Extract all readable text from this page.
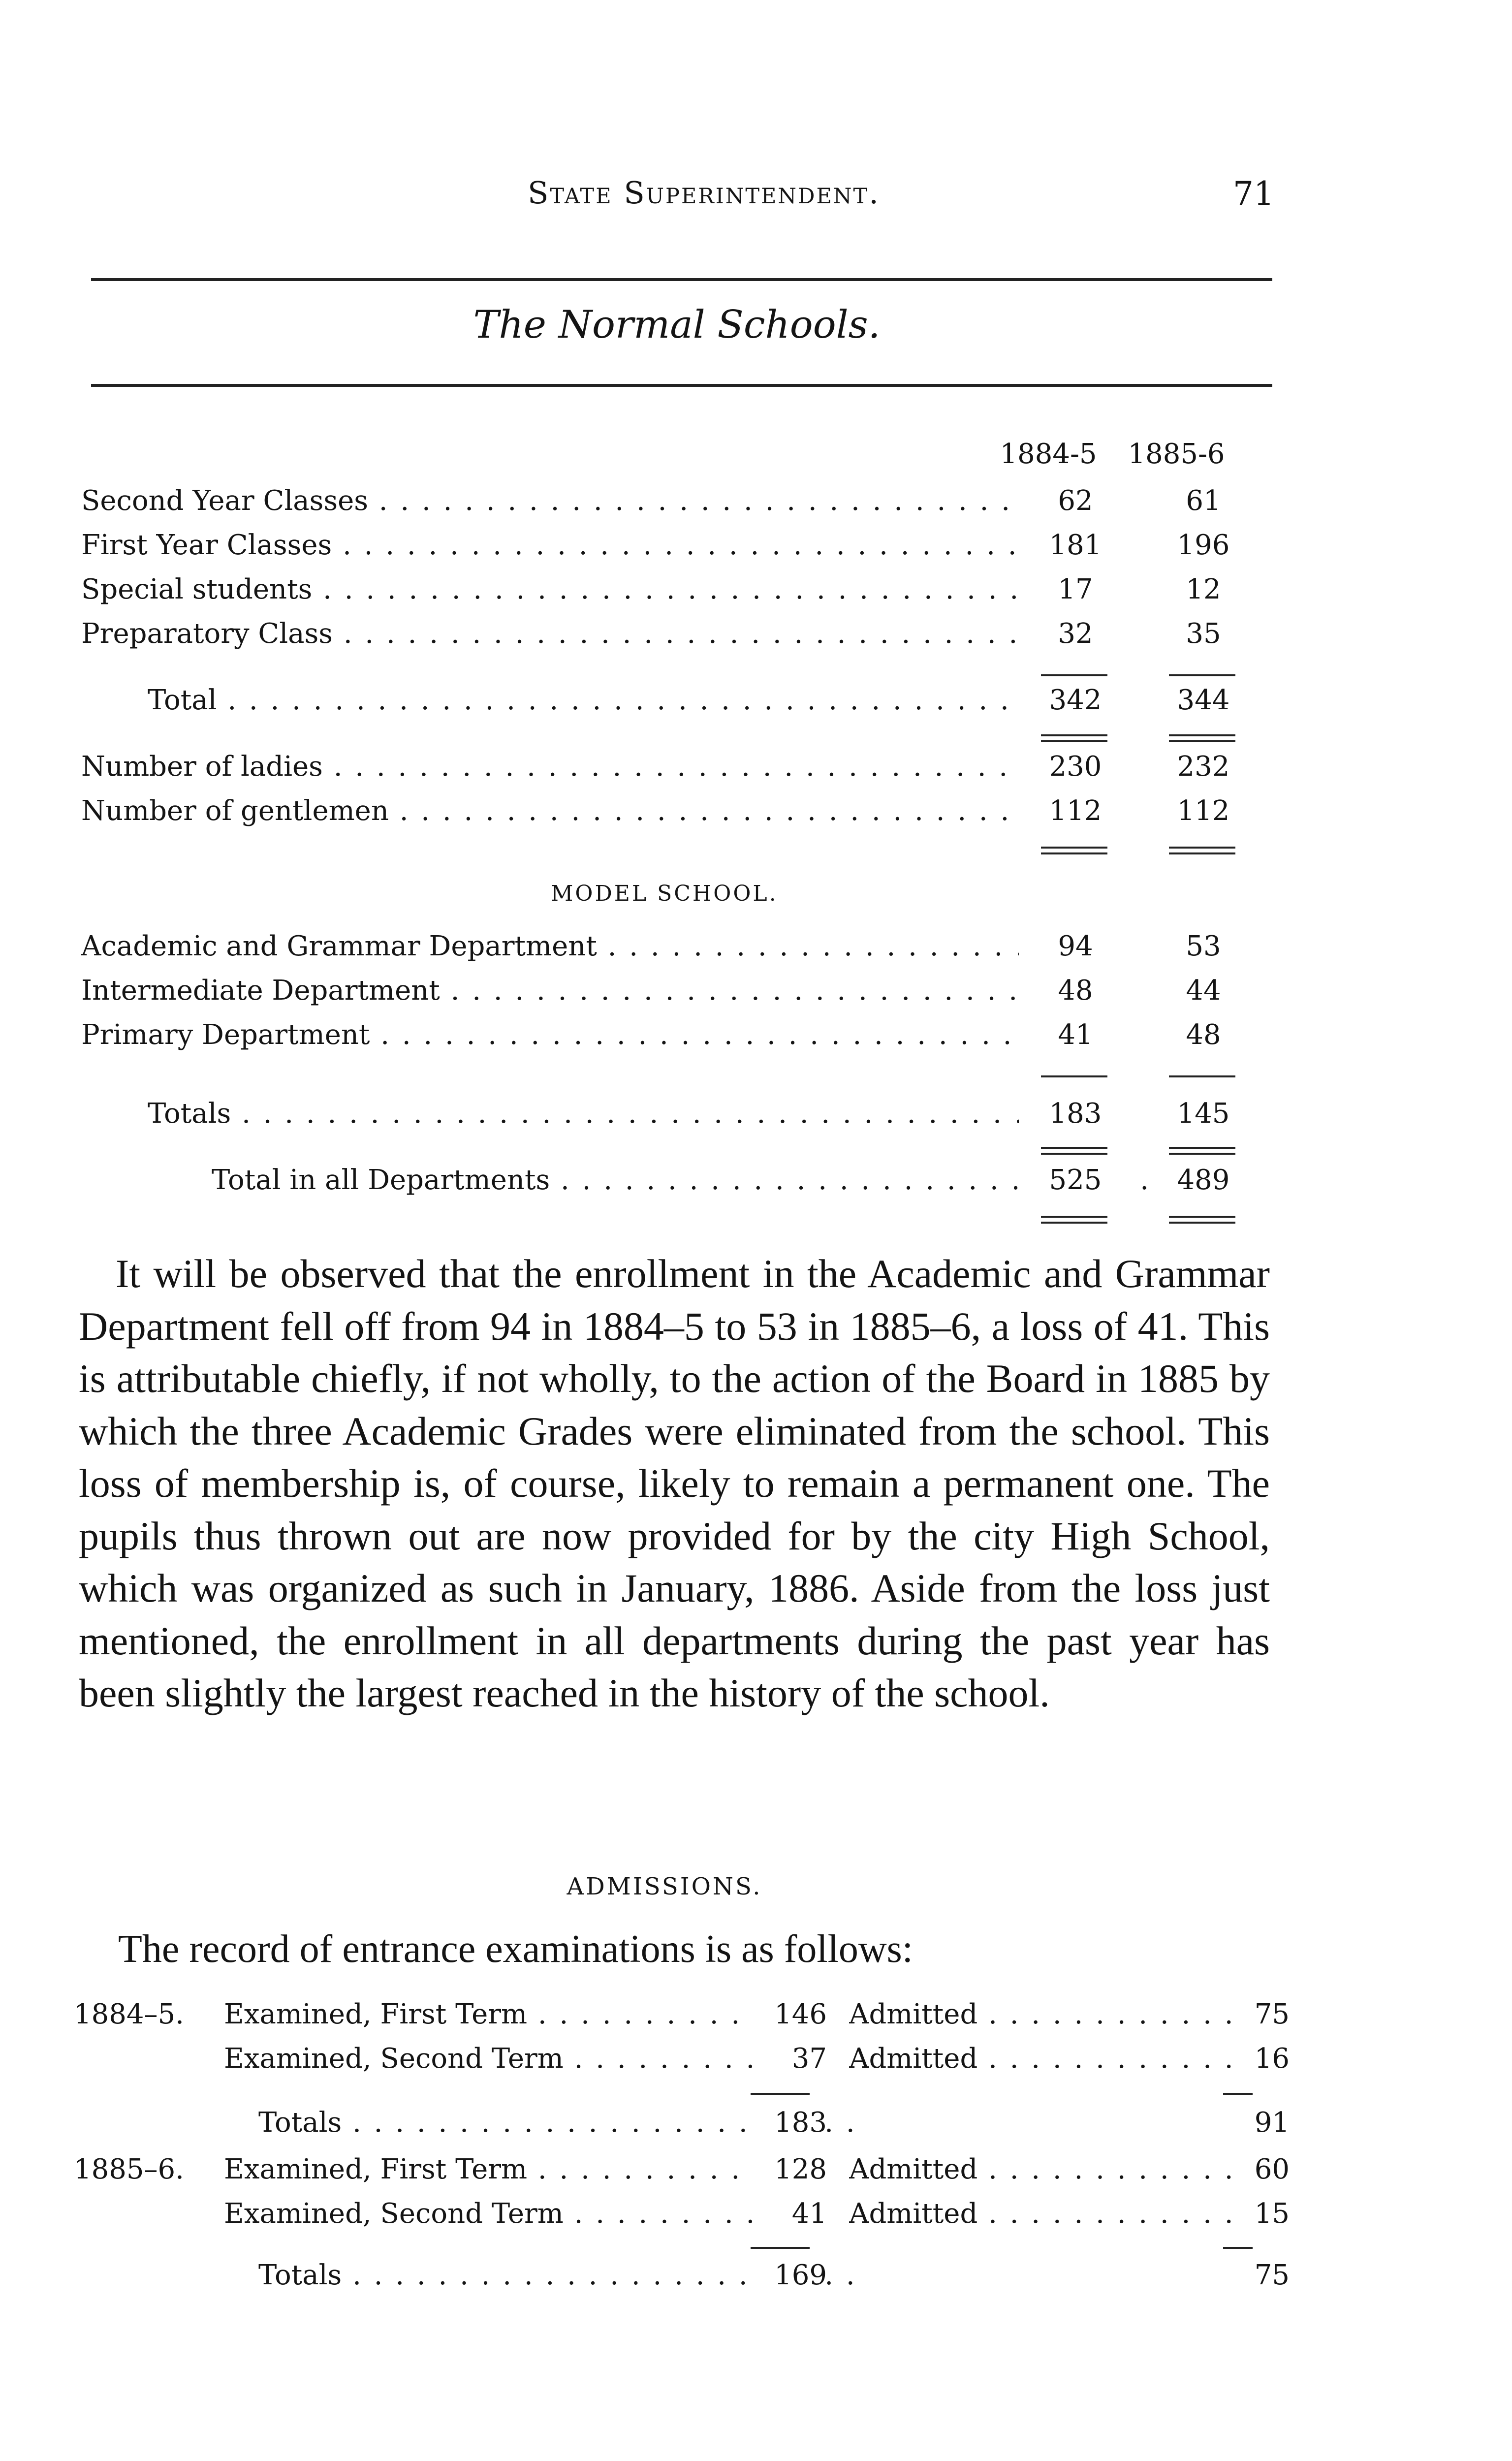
State Superintendent.	71
The Normal Schools.
1884-5	1885-6
Second Year Classes . . .	62	61
First Year Classes . . .	181	196
Special students . . .	17	12
Preparatory Class . . .	32	35
Total . . .	342	344
Number of ladies . . .	230	232
Number of gentlemen . . .	112	112
MODEL SCHOOL.
Academic and Grammar Department . . .	94	53
Intermediate Department . . .	48	44
Primary Department . . .	41	48
Totals . . .	183	145
Total in all Departments . . .	525	489
It will be observed that the enrollment in the Academic and Grammar Department fell off from 94 in 1884–5 to 53 in 1885–6, a loss of 41. This is attributable chiefly, if not wholly, to the action of the Board in 1885 by which the three Academic Grades were eliminated from the school. This loss of membership is, of course, likely to remain a permanent one. The pupils thus thrown out are now provided for by the city High School, which was organized as such in January, 1886. Aside from the loss just mentioned, the enrollment in all departments during the past year has been slightly the largest reached in the history of the school.
ADMISSIONS.
The record of entrance examinations is as follows:
1884–5. Examined, First Term . . .	146 Admitted . . .	75
Examined, Second Term . . .	37 Admitted . . .	16
Totals . . .	183	91
1885–6. Examined, First Term . . .	128 Admitted . . .	60
Examined, Second Term . . .	41 Admitted . . .	15
Totals . . .	169	75
